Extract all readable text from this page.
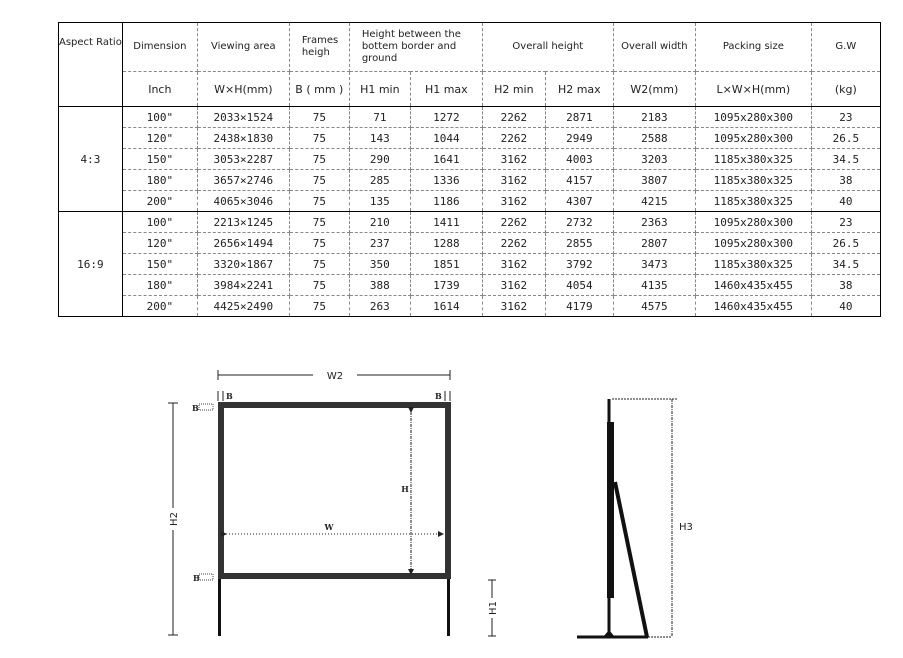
Aspect Ratio	Dimension	Viewing area	Frames heigh	Height between the bottem border and ground		Overall height		Overall width	Packing size	G.W
	Inch	W×H(mm)	B ( mm )	H1 min	H1 max	H2 min	H2 max	W2(mm)	L×W×H(mm)	(kg)
4:3	100"	2033×1524	75	71	1272	2262	2871	2183	1095x280x300	23
	120"	2438×1830	75	143	1044	2262	2949	2588	1095x280x300	26.5
	150"	3053×2287	75	290	1641	3162	4003	3203	1185x380x325	34.5
	180"	3657×2746	75	285	1336	3162	4157	3807	1185x380x325	38
	200"	4065×3046	75	135	1186	3162	4307	4215	1185x380x325	40
16:9	100"	2213×1245	75	210	1411	2262	2732	2363	1095x280x300	23
	120"	2656×1494	75	237	1288	2262	2855	2807	1095x280x300	26.5
	150"	3320×1867	75	350	1851	3162	3792	3473	1185x380x325	34.5
	180"	3984×2241	75	388	1739	3162	4054	4135	1460x435x455	38
	200"	4425×2490	75	263	1614	3162	4179	4575	1460x435x455	40
W2
H2
H
W
B	B
B
B
H1
H3
